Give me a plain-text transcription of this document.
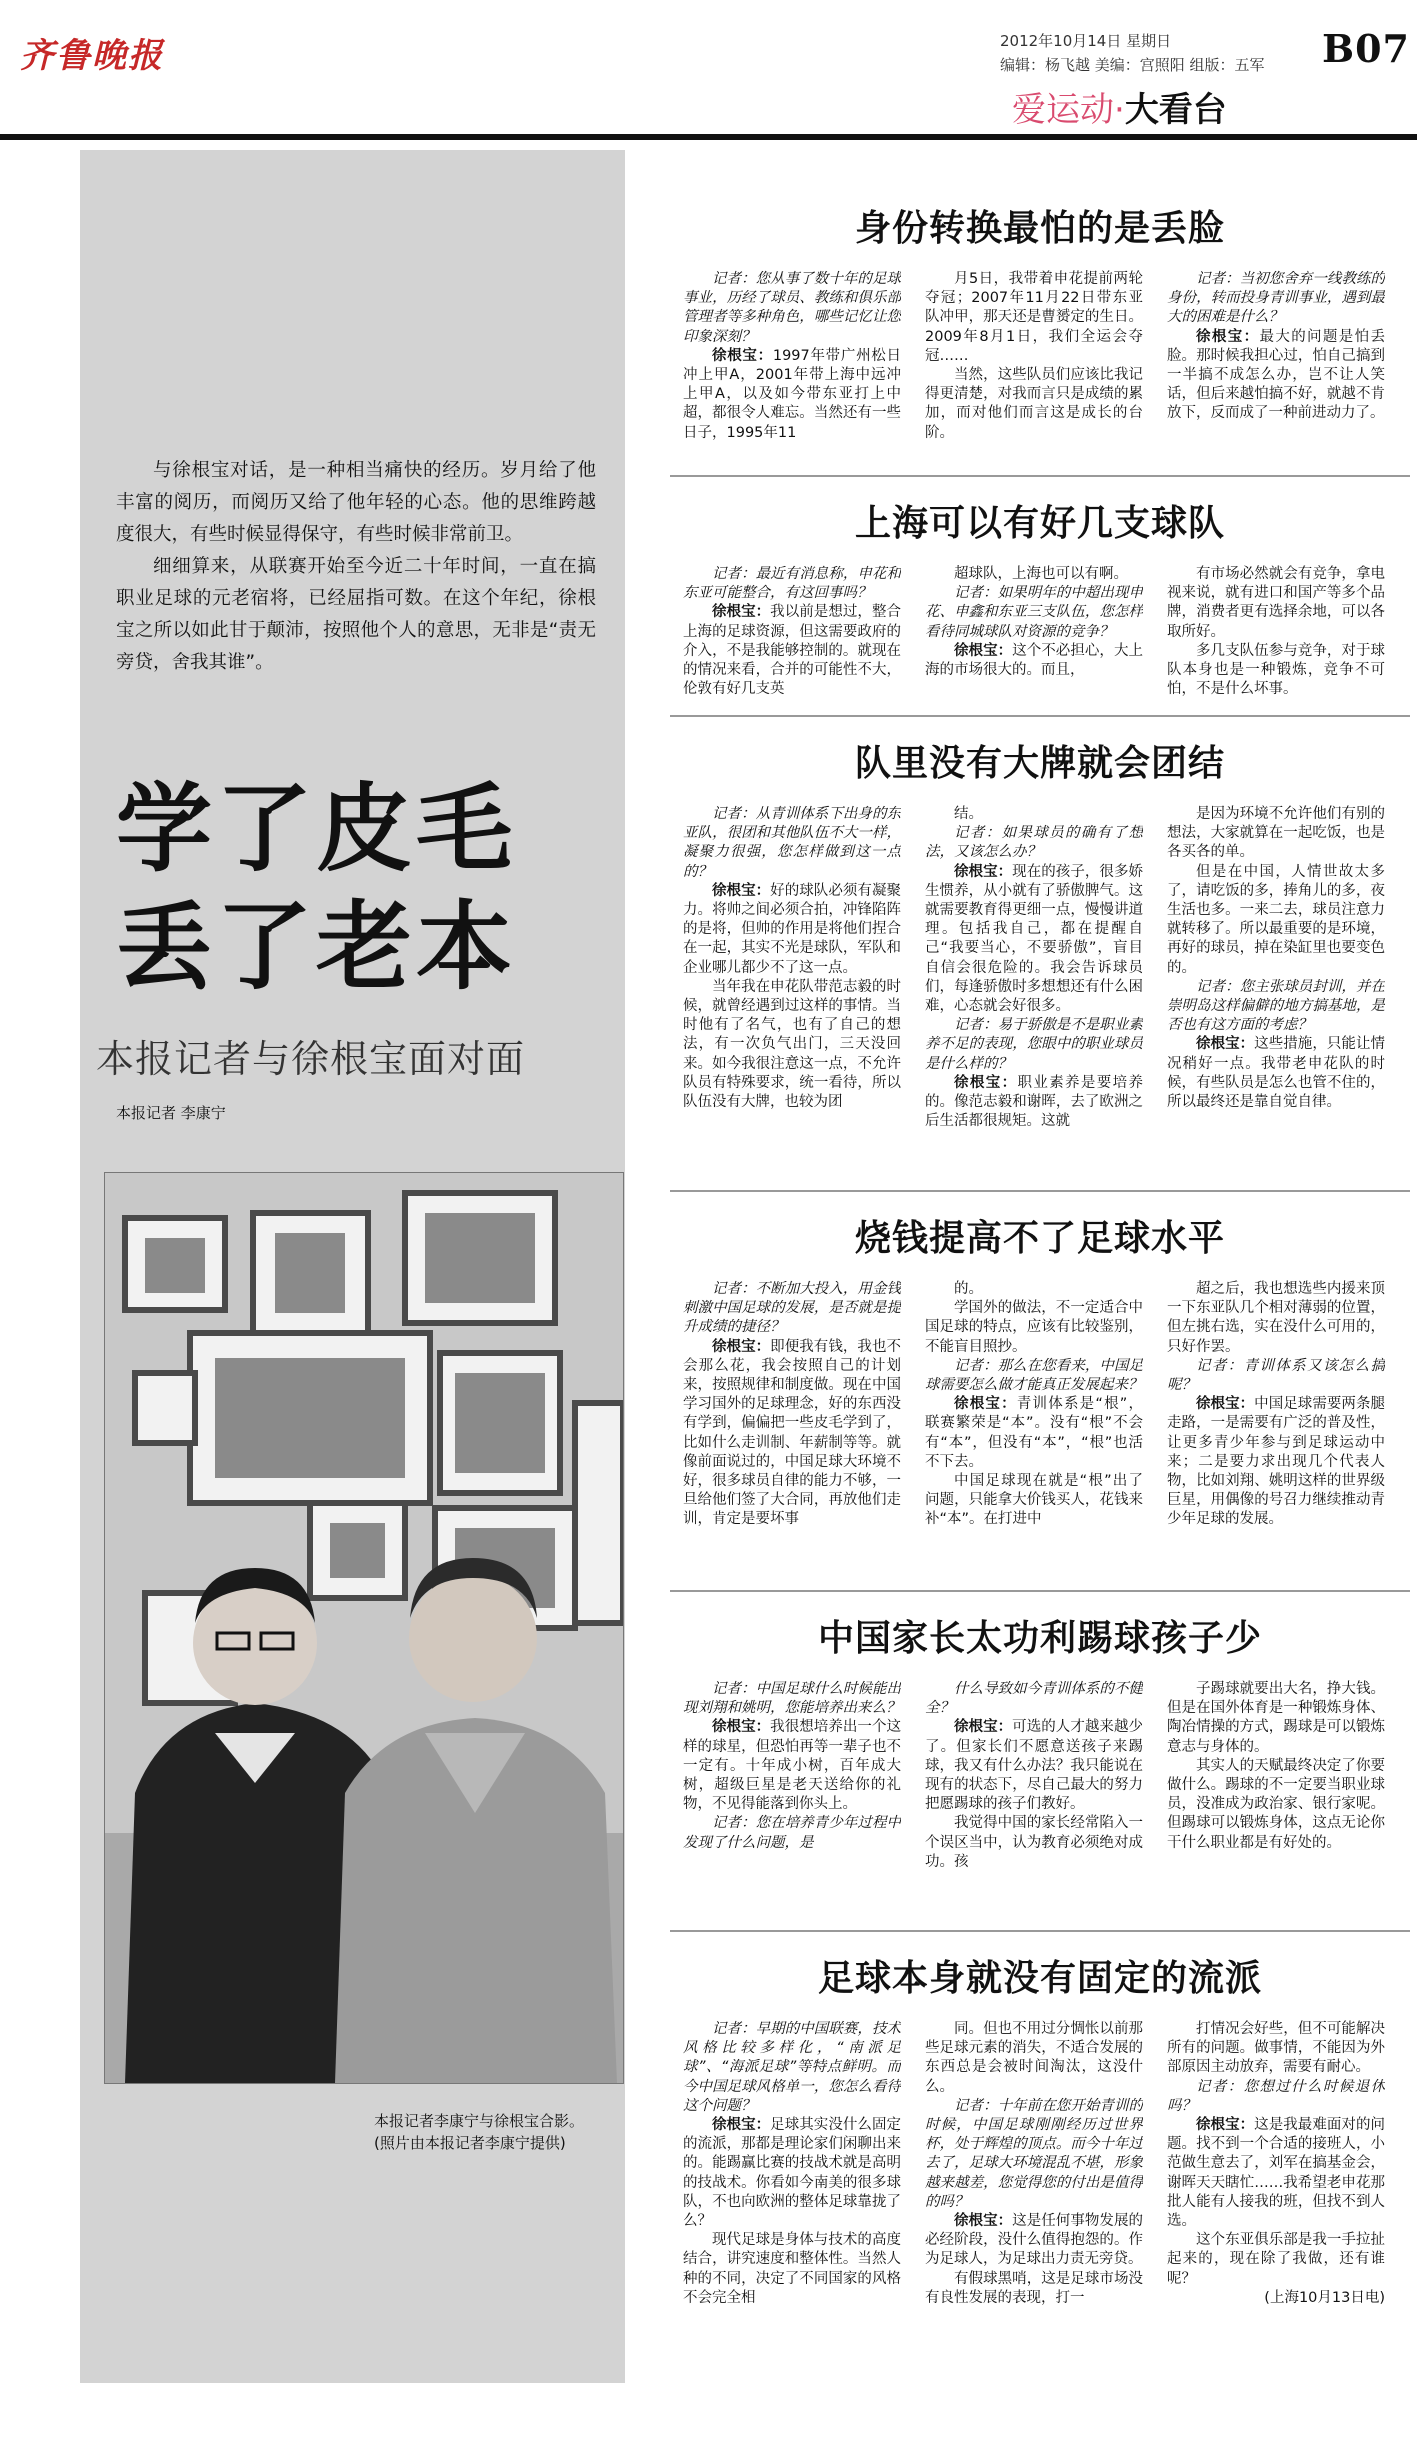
齐鲁晚报	2012年10月14日 星期日
编辑：杨飞越 美编：宫照阳 组版：五军 B07
爱运动·大看台

与徐根宝对话，是一种相当痛快的经历。岁月给了他丰富的阅历，而阅历又给了他年轻的心态。他的思维跨越度很大，有些时候显得保守，有些时候非常前卫。

细细算来，从联赛开始至今近二十年时间，一直在搞职业足球的元老宿将，已经屈指可数。在这个年纪，徐根宝之所以如此甘于颠沛，按照他个人的意思，无非是“责无旁贷，舍我其谁”。

学了皮毛
丢了老本
本报记者与徐根宝面对面
本报记者 李康宁
本报记者李康宁与徐根宝合影。
(照片由本报记者李康宁提供)
身份转换最怕的是丢脸

记者：您从事了数十年的足球事业，历经了球员、教练和俱乐部管理者等多种角色，哪些记忆让您印象深刻？

徐根宝：1997年带广州松日冲上甲A，2001年带上海中远冲上甲A，以及如今带东亚打上中超，都很令人难忘。当然还有一些日子，1995年11

月5日，我带着申花提前两轮夺冠；2007年11月22日带东亚队冲甲，那天还是曹赟定的生日。2009年8月1日，我们全运会夺冠……

当然，这些队员们应该比我记得更清楚，对我而言只是成绩的累加，而对他们而言这是成长的台阶。

记者：当初您舍弃一线教练的身份，转而投身青训事业，遇到最大的困难是什么？

徐根宝：最大的问题是怕丢脸。那时候我担心过，怕自己搞到一半搞不成怎么办，岂不让人笑话，但后来越怕搞不好，就越不肯放下，反而成了一种前进动力了。

上海可以有好几支球队

记者：最近有消息称，申花和东亚可能整合，有这回事吗？

徐根宝：我以前是想过，整合上海的足球资源，但这需要政府的介入，不是我能够控制的。就现在的情况来看，合并的可能性不大，伦敦有好几支英

超球队，上海也可以有啊。

记者：如果明年的中超出现申花、申鑫和东亚三支队伍，您怎样看待同城球队对资源的竞争？

徐根宝：这个不必担心，大上海的市场很大的。而且，

有市场必然就会有竞争，拿电视来说，就有进口和国产等多个品牌，消费者更有选择余地，可以各取所好。

多几支队伍参与竞争，对于球队本身也是一种锻炼，竞争不可怕，不是什么坏事。

队里没有大牌就会团结

记者：从青训体系下出身的东亚队，很团和其他队伍不大一样，凝聚力很强，您怎样做到这一点的？

徐根宝：好的球队必须有凝聚力。将帅之间必须合拍，冲锋陷阵的是将，但帅的作用是将他们捏合在一起，其实不光是球队，军队和企业哪儿都少不了这一点。

当年我在申花队带范志毅的时候，就曾经遇到过这样的事情。当时他有了名气，也有了自己的想法，有一次负气出门，三天没回来。如今我很注意这一点，不允许队员有特殊要求，统一看待，所以队伍没有大牌，也较为团

结。

记者：如果球员的确有了想法，又该怎么办？

徐根宝：现在的孩子，很多娇生惯养，从小就有了骄傲脾气。这就需要教育得更细一点，慢慢讲道理。包括我自己，都在提醒自己“我要当心，不要骄傲”，盲目自信会很危险的。我会告诉球员们，每逢骄傲时多想想还有什么困难，心态就会好很多。

记者：易于骄傲是不是职业素养不足的表现，您眼中的职业球员是什么样的？

徐根宝：职业素养是要培养的。像范志毅和谢晖，去了欧洲之后生活都很规矩。这就

是因为环境不允许他们有别的想法，大家就算在一起吃饭，也是各买各的单。

但是在中国，人情世故太多了，请吃饭的多，捧角儿的多，夜生活也多。一来二去，球员注意力就转移了。所以最重要的是环境，再好的球员，掉在染缸里也要变色的。

记者：您主张球员封训，并在崇明岛这样偏僻的地方搞基地，是否也有这方面的考虑？

徐根宝：这些措施，只能让情况稍好一点。我带老申花队的时候，有些队员是怎么也管不住的，所以最终还是靠自觉自律。

烧钱提高不了足球水平

记者：不断加大投入，用金钱刺激中国足球的发展，是否就是提升成绩的捷径？

徐根宝：即便我有钱，我也不会那么花，我会按照自己的计划来，按照规律和制度做。现在中国学习国外的足球理念，好的东西没有学到，偏偏把一些皮毛学到了，比如什么走训制、年薪制等等。就像前面说过的，中国足球大环境不好，很多球员自律的能力不够，一旦给他们签了大合同，再放他们走训，肯定是要坏事

的。

学国外的做法，不一定适合中国足球的特点，应该有比较鉴别，不能盲目照抄。

记者：那么在您看来，中国足球需要怎么做才能真正发展起来？

徐根宝：青训体系是“根”，联赛繁荣是“本”。没有“根”不会有“本”，但没有“本”，“根”也活不下去。

中国足球现在就是“根”出了问题，只能拿大价钱买人，花钱来补“本”。在打进中

超之后，我也想选些内援来顶一下东亚队几个相对薄弱的位置，但左挑右选，实在没什么可用的，只好作罢。

记者：青训体系又该怎么搞呢？

徐根宝：中国足球需要两条腿走路，一是需要有广泛的普及性，让更多青少年参与到足球运动中来；二是要力求出现几个代表人物，比如刘翔、姚明这样的世界级巨星，用偶像的号召力继续推动青少年足球的发展。

中国家长太功利踢球孩子少

记者：中国足球什么时候能出现刘翔和姚明，您能培养出来么？

徐根宝：我很想培养出一个这样的球星，但恐怕再等一辈子也不一定有。十年成小树，百年成大树，超级巨星是老天送给你的礼物，不见得能落到你头上。

记者：您在培养青少年过程中发现了什么问题，是

什么导致如今青训体系的不健全？

徐根宝：可选的人才越来越少了。但家长们不愿意送孩子来踢球，我又有什么办法？我只能说在现有的状态下，尽自己最大的努力把愿踢球的孩子们教好。

我觉得中国的家长经常陷入一个误区当中，认为教育必须绝对成功。孩

子踢球就要出大名，挣大钱。但是在国外体育是一种锻炼身体、陶冶情操的方式，踢球是可以锻炼意志与身体的。

其实人的天赋最终决定了你要做什么。踢球的不一定要当职业球员，没准成为政治家、银行家呢。但踢球可以锻炼身体，这点无论你干什么职业都是有好处的。

足球本身就没有固定的流派

记者：早期的中国联赛，技术风格比较多样化，“南派足球”、“海派足球”等特点鲜明。而今中国足球风格单一，您怎么看待这个问题？

徐根宝：足球其实没什么固定的流派，那都是理论家们闲聊出来的。能踢赢比赛的技战术就是高明的技战术。你看如今南美的很多球队，不也向欧洲的整体足球靠拢了么？

现代足球是身体与技术的高度结合，讲究速度和整体性。当然人种的不同，决定了不同国家的风格不会完全相

同。但也不用过分惆怅以前那些足球元素的消失，不适合发展的东西总是会被时间淘汰，这没什么。

记者：十年前在您开始青训的时候，中国足球刚刚经历过世界杯，处于辉煌的顶点。而今十年过去了，足球大环境混乱不堪，形象越来越差，您觉得您的付出是值得的吗？

徐根宝：这是任何事物发展的必经阶段，没什么值得抱怨的。作为足球人，为足球出力责无旁贷。

有假球黑哨，这是足球市场没有良性发展的表现，打一

打情况会好些，但不可能解决所有的问题。做事情，不能因为外部原因主动放弃，需要有耐心。

记者：您想过什么时候退休吗？

徐根宝：这是我最难面对的问题。找不到一个合适的接班人，小范做生意去了，刘军在搞基金会，谢晖天天瞎忙……我希望老申花那批人能有人接我的班，但找不到人选。

这个东亚俱乐部是我一手拉扯起来的，现在除了我做，还有谁呢？

(上海10月13日电)
